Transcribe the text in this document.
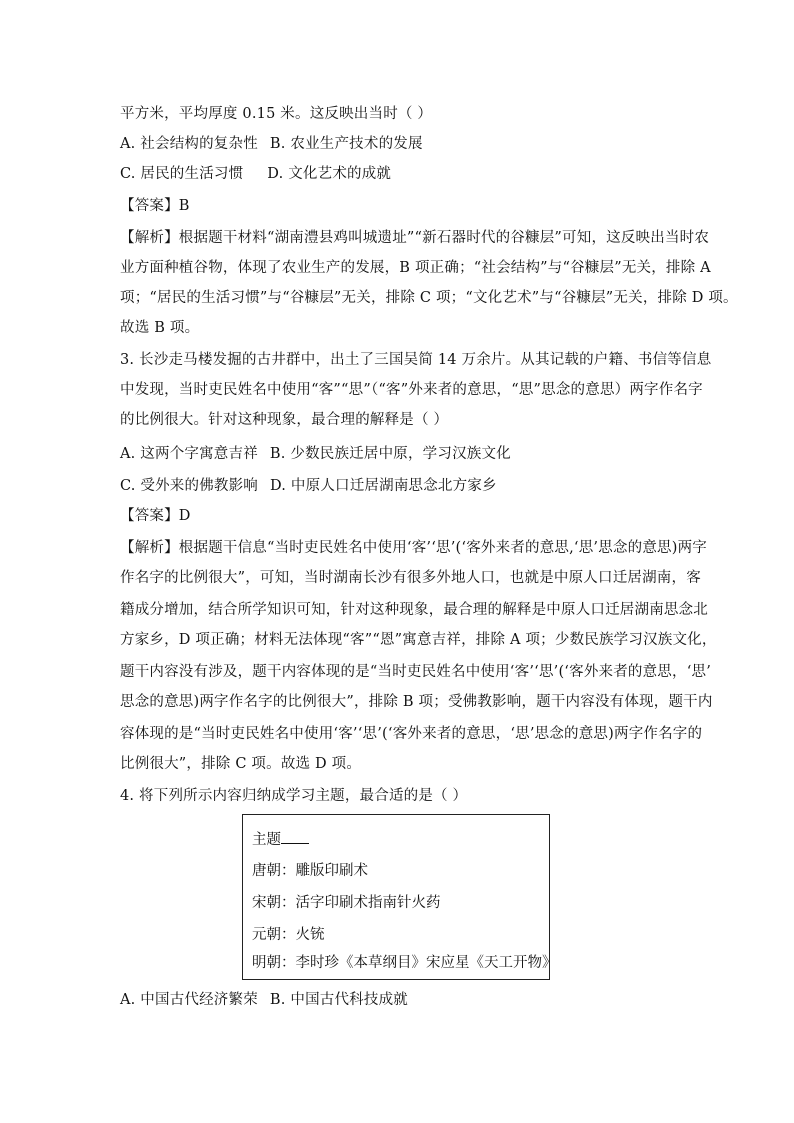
平方米，平均厚度 0.15 米。这反映出当时（ ）
A. 社会结构的复杂性 B. 农业生产技术的发展
C. 居民的生活习惯 D. 文化艺术的成就
【答案】B
【解析】根据题干材料“湖南澧县鸡叫城遗址”“新石器时代的谷糠层”可知，这反映出当时农
业方面种植谷物，体现了农业生产的发展，B 项正确；“社会结构”与“谷糠层”无关，排除 A
项；“居民的生活习惯”与“谷糠层”无关，排除 C 项；“文化艺术”与“谷糠层”无关，排除 D 项。
故选 B 项。
3. 长沙走马楼发掘的古井群中，出土了三国吴简 14 万余片。从其记载的户籍、书信等信息
中发现，当时吏民姓名中使用“客”“思”（“客”外来者的意思，“思”思念的意思）两字作名字
的比例很大。针对这种现象，最合理的解释是（ ）
A. 这两个字寓意吉祥 B. 少数民族迁居中原，学习汉族文化
C. 受外来的佛教影响 D. 中原人口迁居湖南思念北方家乡
【答案】D
【解析】根据题干信息“当时吏民姓名中使用‘客’‘思’(‘客外来者的意思,‘思’思念的意思)两字
作名字的比例很大”，可知，当时湖南长沙有很多外地人口，也就是中原人口迁居湖南，客
籍成分增加，结合所学知识可知，针对这种现象，最合理的解释是中原人口迁居湖南思念北
方家乡，D 项正确；材料无法体现“客”“恩”寓意吉祥，排除 A 项；少数民族学习汉族文化，
题干内容没有涉及，题干内容体现的是“当时吏民姓名中使用‘客’‘思’(‘客外来者的意思，‘思’
思念的意思)两字作名字的比例很大”，排除 B 项；受佛教影响，题干内容没有体现，题干内
容体现的是“当时吏民姓名中使用‘客’‘思’(‘客外来者的意思，‘思’思念的意思)两字作名字的
比例很大”，排除 C 项。故选 D 项。
4. 将下列所示内容归纳成学习主题，最合适的是（ ）
主题
唐朝：雕版印刷术
宋朝：活字印刷术指南针火药
元朝：火铳
明朝：李时珍《本草纲目》宋应星《天工开物》
A. 中国古代经济繁荣 B. 中国古代科技成就
